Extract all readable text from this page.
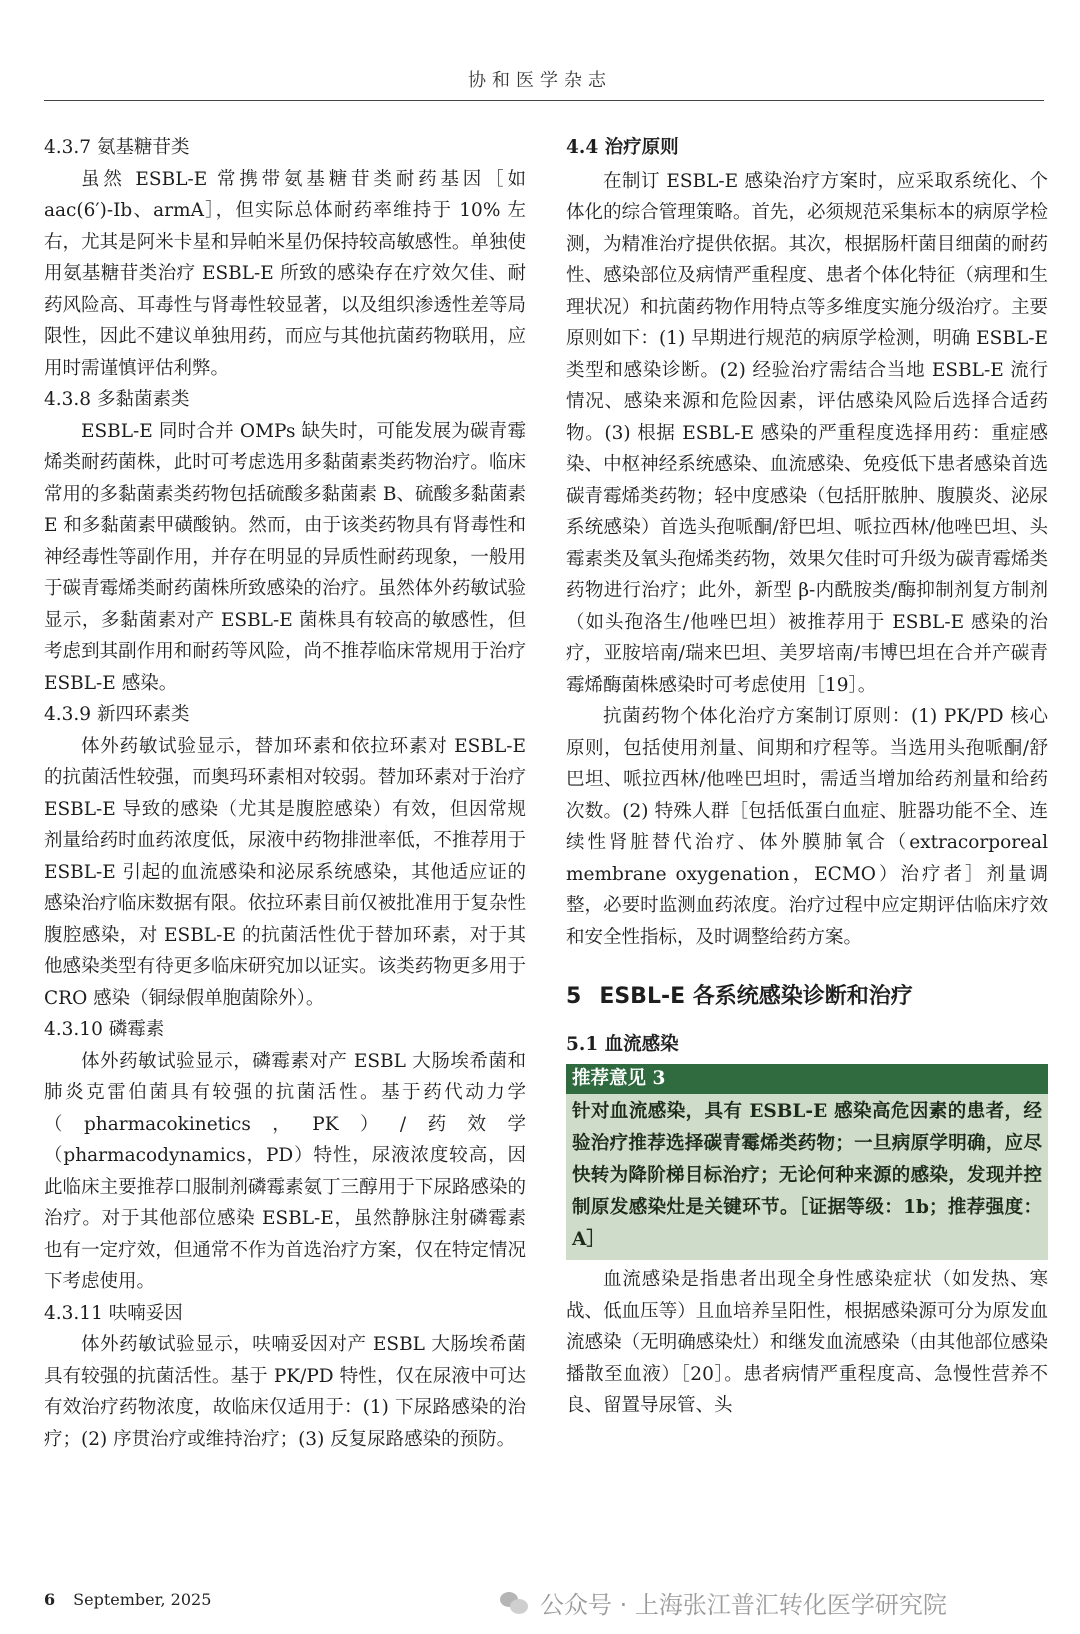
协和医学杂志

4.3.7 氨基糖苷类

虽然 ESBL-E 常携带氨基糖苷类耐药基因［如 aac(6′)-Ib、armA］，但实际总体耐药率维持于 10% 左右，尤其是阿米卡星和异帕米星仍保持较高敏感性。单独使用氨基糖苷类治疗 ESBL-E 所致的感染存在疗效欠佳、耐药风险高、耳毒性与肾毒性较显著，以及组织渗透性差等局限性，因此不建议单独用药，而应与其他抗菌药物联用，应用时需谨慎评估利弊。

4.3.8 多黏菌素类

ESBL-E 同时合并 OMPs 缺失时，可能发展为碳青霉烯类耐药菌株，此时可考虑选用多黏菌素类药物治疗。临床常用的多黏菌素类药物包括硫酸多黏菌素 B、硫酸多黏菌素 E 和多黏菌素甲磺酸钠。然而，由于该类药物具有肾毒性和神经毒性等副作用，并存在明显的异质性耐药现象，一般用于碳青霉烯类耐药菌株所致感染的治疗。虽然体外药敏试验显示，多黏菌素对产 ESBL-E 菌株具有较高的敏感性，但考虑到其副作用和耐药等风险，尚不推荐临床常规用于治疗 ESBL-E 感染。

4.3.9 新四环素类

体外药敏试验显示，替加环素和依拉环素对 ESBL-E 的抗菌活性较强，而奥玛环素相对较弱。替加环素对于治疗 ESBL-E 导致的感染（尤其是腹腔感染）有效，但因常规剂量给药时血药浓度低，尿液中药物排泄率低，不推荐用于 ESBL-E 引起的血流感染和泌尿系统感染，其他适应证的感染治疗临床数据有限。依拉环素目前仅被批准用于复杂性腹腔感染，对 ESBL-E 的抗菌活性优于替加环素，对于其他感染类型有待更多临床研究加以证实。该类药物更多用于 CRO 感染（铜绿假单胞菌除外）。

4.3.10 磷霉素

体外药敏试验显示，磷霉素对产 ESBL 大肠埃希菌和肺炎克雷伯菌具有较强的抗菌活性。基于药代动力学（pharmacokinetics，PK）/药效学（pharmacodynamics，PD）特性，尿液浓度较高，因此临床主要推荐口服制剂磷霉素氨丁三醇用于下尿路感染的治疗。对于其他部位感染 ESBL-E，虽然静脉注射磷霉素也有一定疗效，但通常不作为首选治疗方案，仅在特定情况下考虑使用。

4.3.11 呋喃妥因

体外药敏试验显示，呋喃妥因对产 ESBL 大肠埃希菌具有较强的抗菌活性。基于 PK/PD 特性，仅在尿液中可达有效治疗药物浓度，故临床仅适用于：(1) 下尿路感染的治疗；(2) 序贯治疗或维持治疗；(3) 反复尿路感染的预防。

4.4 治疗原则

在制订 ESBL-E 感染治疗方案时，应采取系统化、个体化的综合管理策略。首先，必须规范采集标本的病原学检测，为精准治疗提供依据。其次，根据肠杆菌目细菌的耐药性、感染部位及病情严重程度、患者个体化特征（病理和生理状况）和抗菌药物作用特点等多维度实施分级治疗。主要原则如下：(1) 早期进行规范的病原学检测，明确 ESBL-E 类型和感染诊断。(2) 经验治疗需结合当地 ESBL-E 流行情况、感染来源和危险因素，评估感染风险后选择合适药物。(3) 根据 ESBL-E 感染的严重程度选择用药：重症感染、中枢神经系统感染、血流感染、免疫低下患者感染首选碳青霉烯类药物；轻中度感染（包括肝脓肿、腹膜炎、泌尿系统感染）首选头孢哌酮/舒巴坦、哌拉西林/他唑巴坦、头霉素类及氧头孢烯类药物，效果欠佳时可升级为碳青霉烯类药物进行治疗；此外，新型 β-内酰胺类/酶抑制剂复方制剂（如头孢洛生/他唑巴坦）被推荐用于 ESBL-E 感染的治疗，亚胺培南/瑞来巴坦、美罗培南/韦博巴坦在合并产碳青霉烯酶菌株感染时可考虑使用［19］。

抗菌药物个体化治疗方案制订原则：(1) PK/PD 核心原则，包括使用剂量、间期和疗程等。当选用头孢哌酮/舒巴坦、哌拉西林/他唑巴坦时，需适当增加给药剂量和给药次数。(2) 特殊人群［包括低蛋白血症、脏器功能不全、连续性肾脏替代治疗、体外膜肺氧合（extracorporeal membrane oxygenation，ECMO）治疗者］剂量调整，必要时监测血药浓度。治疗过程中应定期评估临床疗效和安全性指标，及时调整给药方案。

5 ESBL-E 各系统感染诊断和治疗

5.1 血流感染

推荐意见 3
针对血流感染，具有 ESBL-E 感染高危因素的患者，经验治疗推荐选择碳青霉烯类药物；一旦病原学明确，应尽快转为降阶梯目标治疗；无论何种来源的感染，发现并控制原发感染灶是关键环节。［证据等级：1b；推荐强度：A］

血流感染是指患者出现全身性感染症状（如发热、寒战、低血压等）且血培养呈阳性，根据感染源可分为原发血流感染（无明确感染灶）和继发血流感染（由其他部位感染播散至血液）［20］。患者病情严重程度高、急慢性营养不良、留置导尿管、头

6 September, 2025	公众号 · 上海张江普汇转化医学研究院
